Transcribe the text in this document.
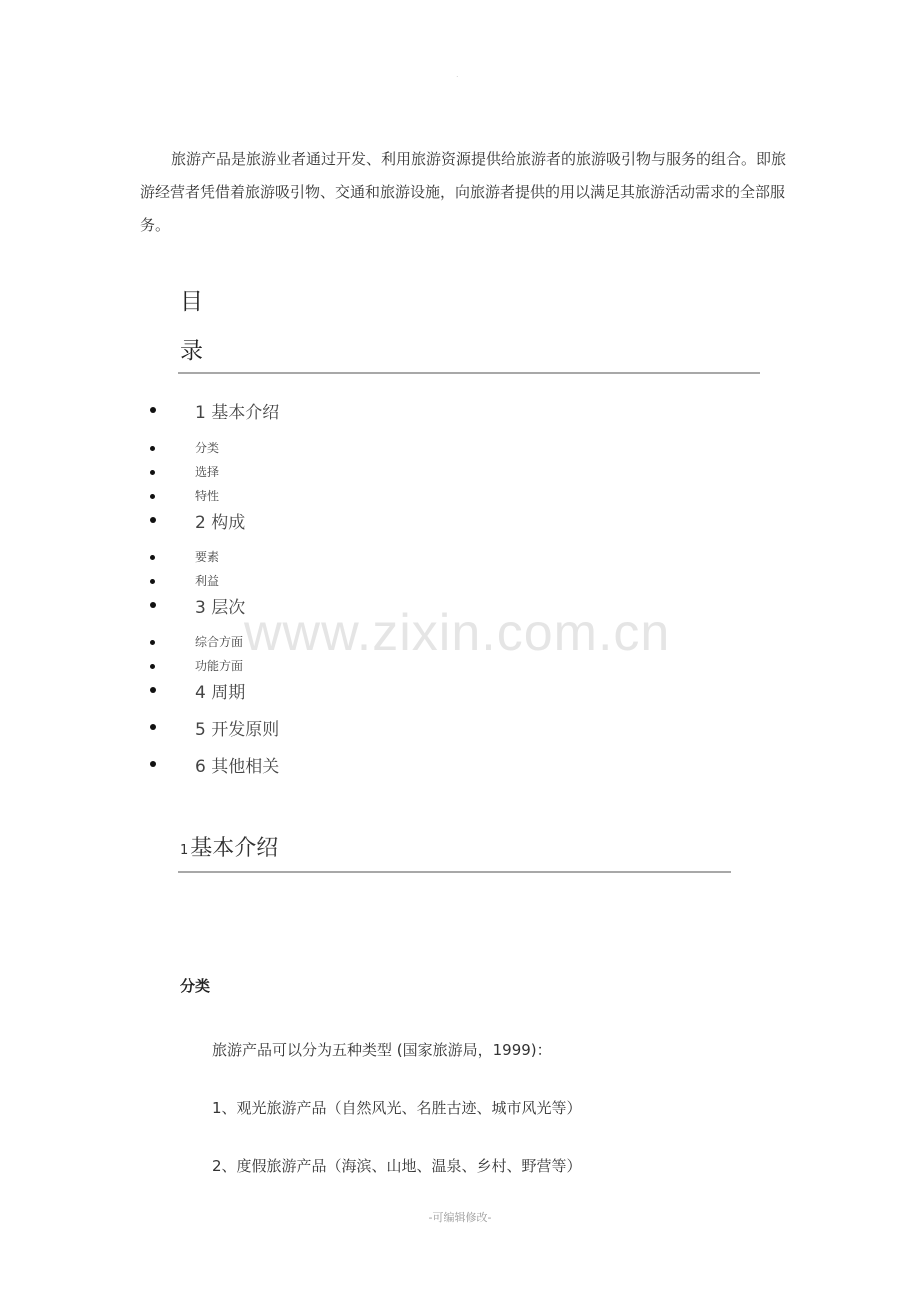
.

旅游产品是旅游业者通过开发、利用旅游资源提供给旅游者的旅游吸引物与服务的组合。即旅游经营者凭借着旅游吸引物、交通和旅游设施，向旅游者提供的用以满足其旅游活动需求的全部服务。

目
录
1 基本介绍
分类
选择
特性
2 构成
要素
利益
3 层次
综合方面
功能方面
4 周期
5 开发原则
6 其他相关
www.zixin.com.cn
1基本介绍
分类
旅游产品可以分为五种类型 (国家旅游局，1999)：
1、观光旅游产品（自然风光、名胜古迹、城市风光等）
2、度假旅游产品（海滨、山地、温泉、乡村、野营等）
-可编辑修改-
